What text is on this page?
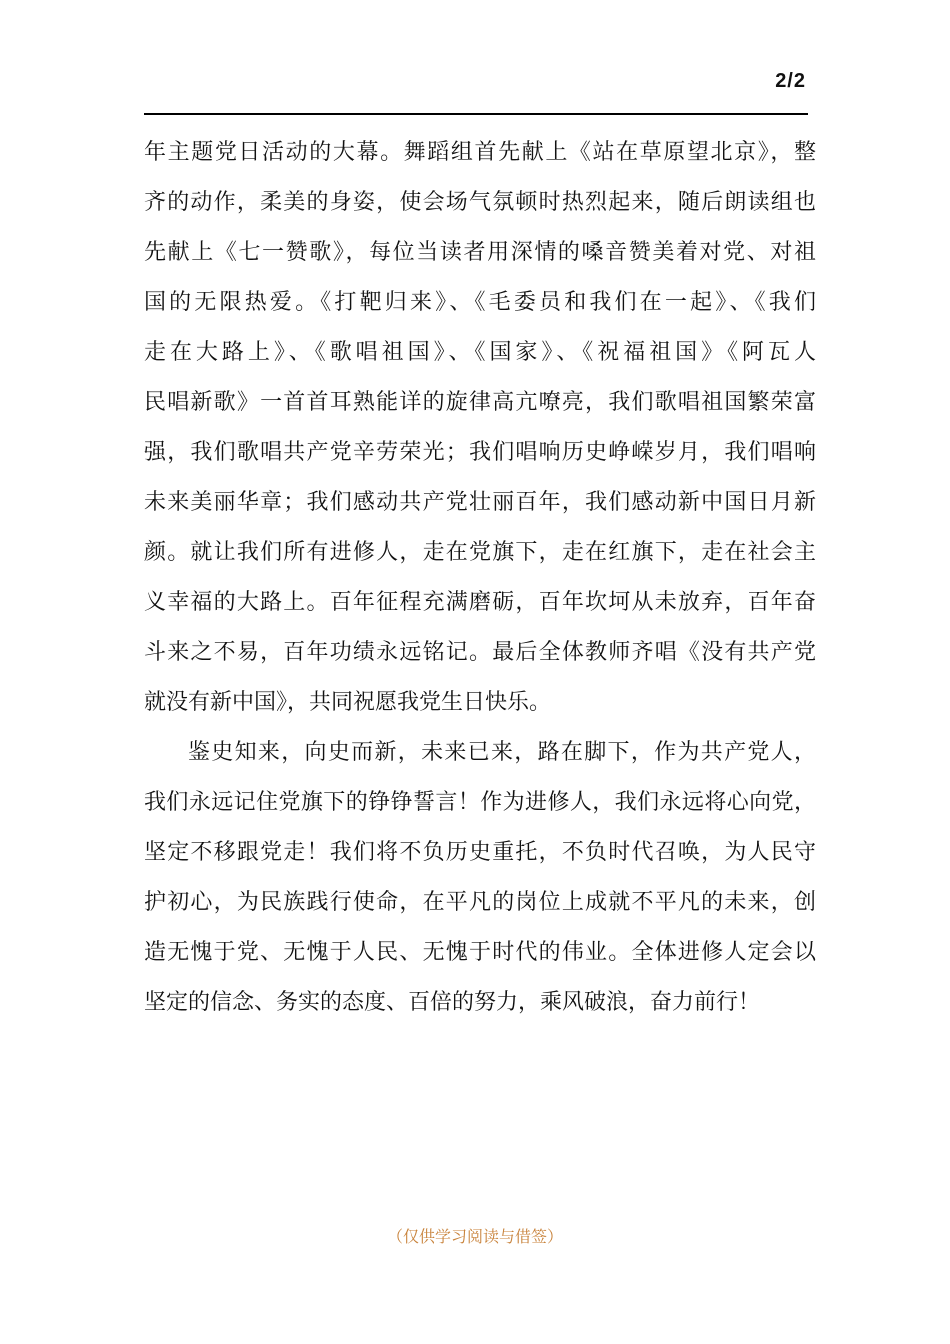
2/2
年主题党日活动的大幕。舞蹈组首先献上《站在草原望北京》，整
齐的动作，柔美的身姿，使会场气氛顿时热烈起来，随后朗读组也
先献上《七一赞歌》，每位当读者用深情的嗓音赞美着对党、对祖
国的无限热爱。《打靶归来》、《毛委员和我们在一起》、《我们
走在大路上》、《歌唱祖国》、《国家》、《祝福祖国》《阿瓦人
民唱新歌》一首首耳熟能详的旋律高亢嘹亮，我们歌唱祖国繁荣富
强，我们歌唱共产党辛劳荣光；我们唱响历史峥嵘岁月，我们唱响
未来美丽华章；我们感动共产党壮丽百年，我们感动新中国日月新
颜。就让我们所有进修人，走在党旗下，走在红旗下，走在社会主
义幸福的大路上。百年征程充满磨砺，百年坎坷从未放弃，百年奋
斗来之不易，百年功绩永远铭记。最后全体教师齐唱《没有共产党
就没有新中国》，共同祝愿我党生日快乐。
鉴史知来，向史而新，未来已来，路在脚下，作为共产党人，
我们永远记住党旗下的铮铮誓言！作为进修人，我们永远将心向党，
坚定不移跟党走！我们将不负历史重托，不负时代召唤，为人民守
护初心，为民族践行使命，在平凡的岗位上成就不平凡的未来，创
造无愧于党、无愧于人民、无愧于时代的伟业。全体进修人定会以
坚定的信念、务实的态度、百倍的努力，乘风破浪，奋力前行！
（仅供学习阅读与借签）
